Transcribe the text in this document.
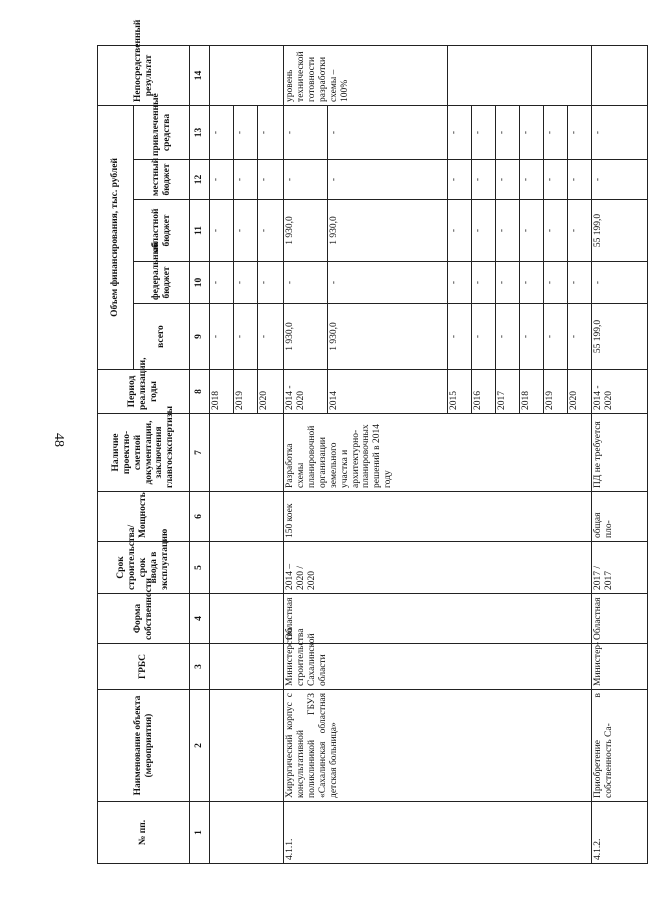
48
№ пп.	Наименование объекта (мероприятия)	ГРБС	Форма собственности	Срок строительства/срок ввода в эксплуатацию	Мощность	Наличие проектно-сметной документации, заключения главгосэкспертизы	Период реализации, годы	Объем финансирования, тыс. рублей					Непосредственный результат
								всего	федеральный бюджет	областной бюджет	местный бюджет	привлеченные средства	
1	2	3	4	5	6	7	8	9	10	11	12	13	14
							2018	-	-	-	-	-	
							2019	-	-	-	-	-	
							2020	-	-	-	-	-	
4.1.1.	Хирургический корпус с консультативной поликлиникой ГБУЗ «Сахалинская областная детская больница»	Министерство строительства Сахалинской области	Областная	2014 – 2020 / 2020	150 коек	Разработка схемы планировочной организации земельного участка и архитектурно-планировочных решений в 2014 году	2014 - 2020	1 930,0	-	1 930,0	-	-	уровень технической готовности разработки схемы – 100%
							2014	1 930,0	-	1 930,0	-	-	
							2015	-	-	-	-	-	
							2016	-	-	-	-	-	
							2017	-	-	-	-	-	
							2018	-	-	-	-	-	
							2019	-	-	-	-	-	
							2020	-	-	-	-	-	
4.1.2.	Приобретение в собственность Са-	Министер-	Областная	2017 / 2017	общая пло-	ПД не требуется	2014 - 2020	55 199,0	-	55 199,0	-	-	
